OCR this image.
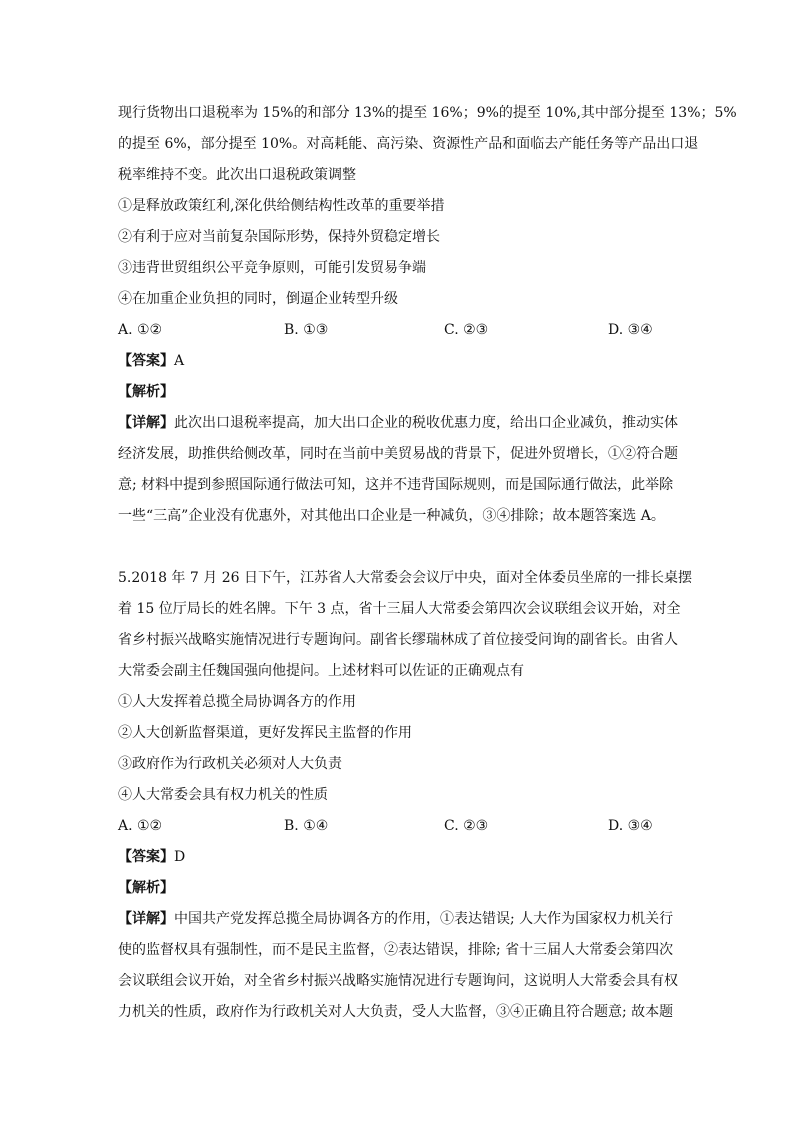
现行货物出口退税率为 15%的和部分 13%的提至 16%；9%的提至 10%,其中部分提至 13%；5%
的提至 6%，部分提至 10%。对高耗能、高污染、资源性产品和面临去产能任务等产品出口退
税率维持不变。此次出口退税政策调整
①是释放政策红利,深化供给侧结构性改革的重要举措
②有利于应对当前复杂国际形势，保持外贸稳定增长
③违背世贸组织公平竞争原则，可能引发贸易争端
④在加重企业负担的同时，倒逼企业转型升级
A. ①②	B. ①③	C. ②③	D. ③④
【答案】A
【解析】
【详解】此次出口退税率提高，加大出口企业的税收优惠力度，给出口企业减负，推动实体
经济发展，助推供给侧改革，同时在当前中美贸易战的背景下，促进外贸增长，①②符合题
意; 材料中提到参照国际通行做法可知，这并不违背国际规则，而是国际通行做法，此举除
一些“三高”企业没有优惠外，对其他出口企业是一种减负，③④排除；故本题答案选 A。
5.2018 年 7 月 26 日下午，江苏省人大常委会会议厅中央，面对全体委员坐席的一排长桌摆
着 15 位厅局长的姓名牌。下午 3 点，省十三届人大常委会第四次会议联组会议开始，对全
省乡村振兴战略实施情况进行专题询问。副省长缪瑞林成了首位接受问询的副省长。由省人
大常委会副主任魏国强向他提问。上述材料可以佐证的正确观点有
①人大发挥着总揽全局协调各方的作用
②人大创新监督渠道，更好发挥民主监督的作用
③政府作为行政机关必须对人大负责
④人大常委会具有权力机关的性质
A. ①②	B. ①④	C. ②③	D. ③④
【答案】D
【解析】
【详解】中国共产党发挥总揽全局协调各方的作用，①表达错误; 人大作为国家权力机关行
使的监督权具有强制性，而不是民主监督，②表达错误，排除; 省十三届人大常委会第四次
会议联组会议开始，对全省乡村振兴战略实施情况进行专题询问，这说明人大常委会具有权
力机关的性质，政府作为行政机关对人大负责，受人大监督，③④正确且符合题意; 故本题
